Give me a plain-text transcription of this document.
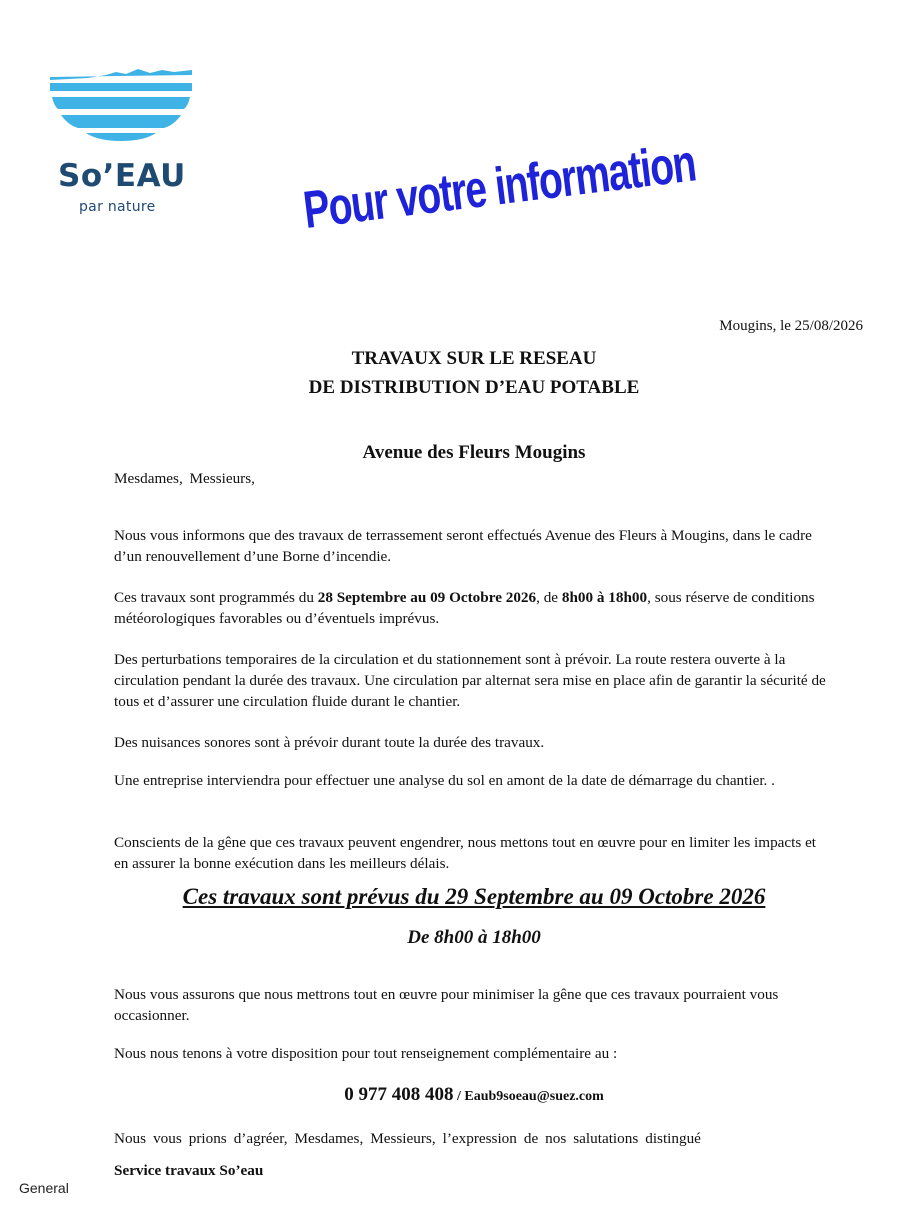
So’EAU
par nature	Pour votre information
Mougins, le 25/08/2026
TRAVAUX SUR LE RESEAU
DE DISTRIBUTION D’EAU POTABLE
Avenue des Fleurs Mougins
Mesdames, Messieurs,
Nous vous informons que des travaux de terrassement seront effectués Avenue des Fleurs à Mougins, dans le cadre d’un renouvellement d’une Borne d’incendie.
Ces travaux sont programmés du 28 Septembre au 09 Octobre 2026, de 8h00 à 18h00, sous réserve de conditions météorologiques favorables ou d’éventuels imprévus.
Des perturbations temporaires de la circulation et du stationnement sont à prévoir. La route restera ouverte à la circulation pendant la durée des travaux. Une circulation par alternat sera mise en place afin de garantir la sécurité de tous et d’assurer une circulation fluide durant le chantier.
Des nuisances sonores sont à prévoir durant toute la durée des travaux.
Une entreprise interviendra pour effectuer une analyse du sol en amont de la date de démarrage du chantier. .
Conscients de la gêne que ces travaux peuvent engendrer, nous mettons tout en œuvre pour en limiter les impacts et en assurer la bonne exécution dans les meilleurs délais.
Ces travaux sont prévus du 29 Septembre au 09 Octobre 2026
De 8h00 à 18h00
Nous vous assurons que nous mettrons tout en œuvre pour minimiser la gêne que ces travaux pourraient vous occasionner.
Nous nous tenons à votre disposition pour tout renseignement complémentaire au :
0 977 408 408 / Eaub9soeau@suez.com
Nous vous prions d’agréer, Mesdames, Messieurs, l’expression de nos salutations distingué
Service travaux So’eau
General
